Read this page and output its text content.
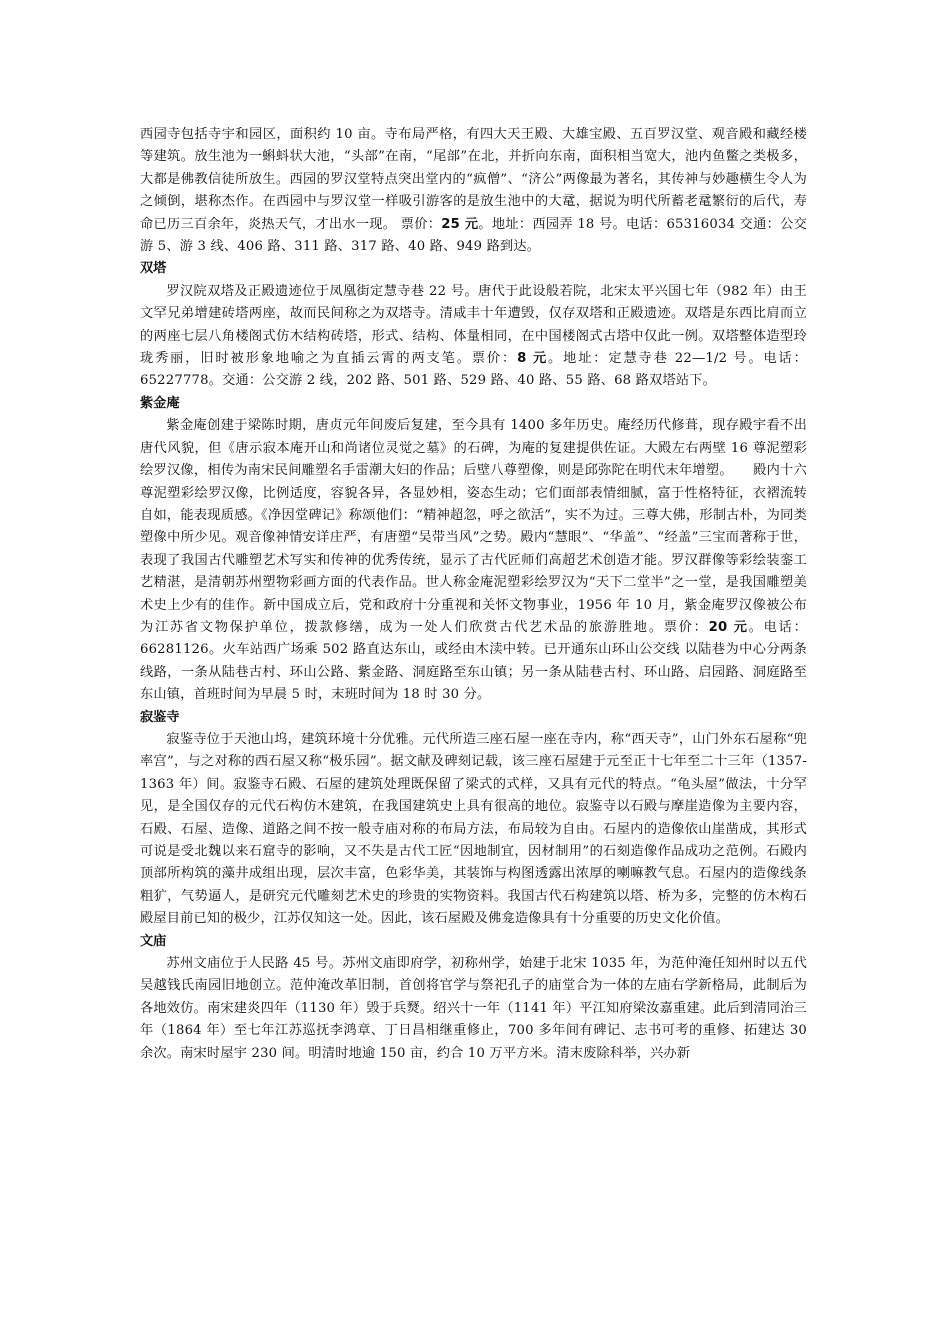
西园寺包括寺宇和园区，面积约 10 亩。寺布局严格，有四大天王殿、大雄宝殿、五百罗汉堂、观音殿和藏经楼等建筑。放生池为一蝌蚪状大池，“头部”在南，“尾部”在北，并折向东南，面积相当宽大，池内鱼鳖之类极多，大都是佛教信徒所放生。西园的罗汉堂特点突出堂内的“疯僧”、“济公”两像最为著名，其传神与妙趣横生令人为之倾倒，堪称杰作。在西园中与罗汉堂一样吸引游客的是放生池中的大鼋，据说为明代所蓄老鼋繁衍的后代，寿命已历三百余年，炎热天气，才出水一现。 票价：25 元。地址：西园弄 18 号。电话：65316034 交通：公交游 5、游 3 线、406 路、311 路、317 路、40 路、949 路到达。

双塔

罗汉院双塔及正殿遗迹位于凤凰街定慧寺巷 22 号。唐代于此设般若院，北宋太平兴国七年（982 年）由王文罕兄弟增建砖塔两座，故而民间称之为双塔寺。清咸丰十年遭毁，仅存双塔和正殿遗迹。双塔是东西比肩而立的两座七层八角楼阁式仿木结构砖塔，形式、结构、体量相同，在中国楼阁式古塔中仅此一例。双塔整体造型玲珑秀丽，旧时被形象地喻之为直插云霄的两支笔。票价：8 元。地址：定慧寺巷 22—1/2 号。电话：65227778。交通：公交游 2 线，202 路、501 路、529 路、40 路、55 路、68 路双塔站下。

紫金庵

紫金庵创建于梁陈时期，唐贞元年间废后复建，至今具有 1400 多年历史。庵经历代修葺，现存殿宇看不出唐代风貌，但《唐示寂本庵开山和尚诸位灵觉之墓》的石碑，为庵的复建提供佐证。大殿左右两壁 16 尊泥塑彩绘罗汉像，相传为南宋民间雕塑名手雷潮大妇的作品；后壁八尊塑像，则是邱弥陀在明代末年增塑。　　殿内十六尊泥塑彩绘罗汉像，比例适度，容貌各异，各显妙相，姿态生动；它们面部表情细腻，富于性格特征，衣褶流转自如，能表现质感。《净因堂碑记》称颂他们：“精神超忽，呼之欲活”，实不为过。三尊大佛，形制古朴，为同类塑像中所少见。观音像神情安详庄严，有唐塑“吴带当风”之势。殿内“慧眼”、“华盖”、“经盖”三宝而著称于世，表现了我国古代雕塑艺术写实和传神的优秀传统，显示了古代匠师们高超艺术创造才能。罗汉群像等彩绘装銮工艺精湛，是清朝苏州塑物彩画方面的代表作品。世人称金庵泥塑彩绘罗汉为“天下二堂半”之一堂，是我国雕塑美术史上少有的佳作。新中国成立后，党和政府十分重视和关怀文物事业，1956 年 10 月，紫金庵罗汉像被公布为江苏省文物保护单位，拨款修缮，成为一处人们欣赏古代艺术品的旅游胜地。票价：20 元。电话：66281126。火车站西广场乘 502 路直达东山，或经由木渎中转。已开通东山环山公交线 以陆巷为中心分两条线路，一条从陆巷古村、环山公路、紫金路、洞庭路至东山镇；另一条从陆巷古村、环山路、启园路、洞庭路至东山镇，首班时间为早晨 5 时，末班时间为 18 时 30 分。

寂鉴寺

寂鉴寺位于天池山坞，建筑环境十分优雅。元代所造三座石屋一座在寺内，称“西天寺”，山门外东石屋称“兜率宫”，与之对称的西石屋又称“极乐园”。据文献及碑刻记载，该三座石屋建于元至正十七年至二十三年（1357-1363 年）间。寂鉴寺石殿、石屋的建筑处理既保留了梁式的式样，又具有元代的特点。“龟头屋”做法，十分罕见，是全国仅存的元代石构仿木建筑，在我国建筑史上具有很高的地位。寂鉴寺以石殿与摩崖造像为主要内容，石殿、石屋、造像、道路之间不按一般寺庙对称的布局方法，布局较为自由。石屋内的造像依山崖凿成，其形式可说是受北魏以来石窟寺的影响，又不失是古代工匠“因地制宜，因材制用”的石刻造像作品成功之范例。石殿内顶部所构筑的藻井成组出现，层次丰富，色彩华美，其装饰与构图透露出浓厚的喇嘛教气息。石屋内的造像线条粗犷，气势逼人，是研究元代雕刻艺术史的珍贵的实物资料。我国古代石构建筑以塔、桥为多，完整的仿木构石殿屋目前已知的极少，江苏仅知这一处。因此，该石屋殿及佛龛造像具有十分重要的历史文化价值。

文庙

苏州文庙位于人民路 45 号。苏州文庙即府学，初称州学，始建于北宋 1035 年，为范仲淹任知州时以五代吴越钱氏南园旧地创立。范仲淹改革旧制，首创将官学与祭祀孔子的庙堂合为一体的左庙右学新格局，此制后为各地效仿。南宋建炎四年（1130 年）毁于兵燹。绍兴十一年（1141 年）平江知府梁汝嘉重建。此后到清同治三年（1864 年）至七年江苏巡抚李鸿章、丁日昌相继重修止，700 多年间有碑记、志书可考的重修、拓建达 30 余次。南宋时屋宇 230 间。明清时地逾 150 亩，约合 10 万平方米。清末废除科举，兴办新
